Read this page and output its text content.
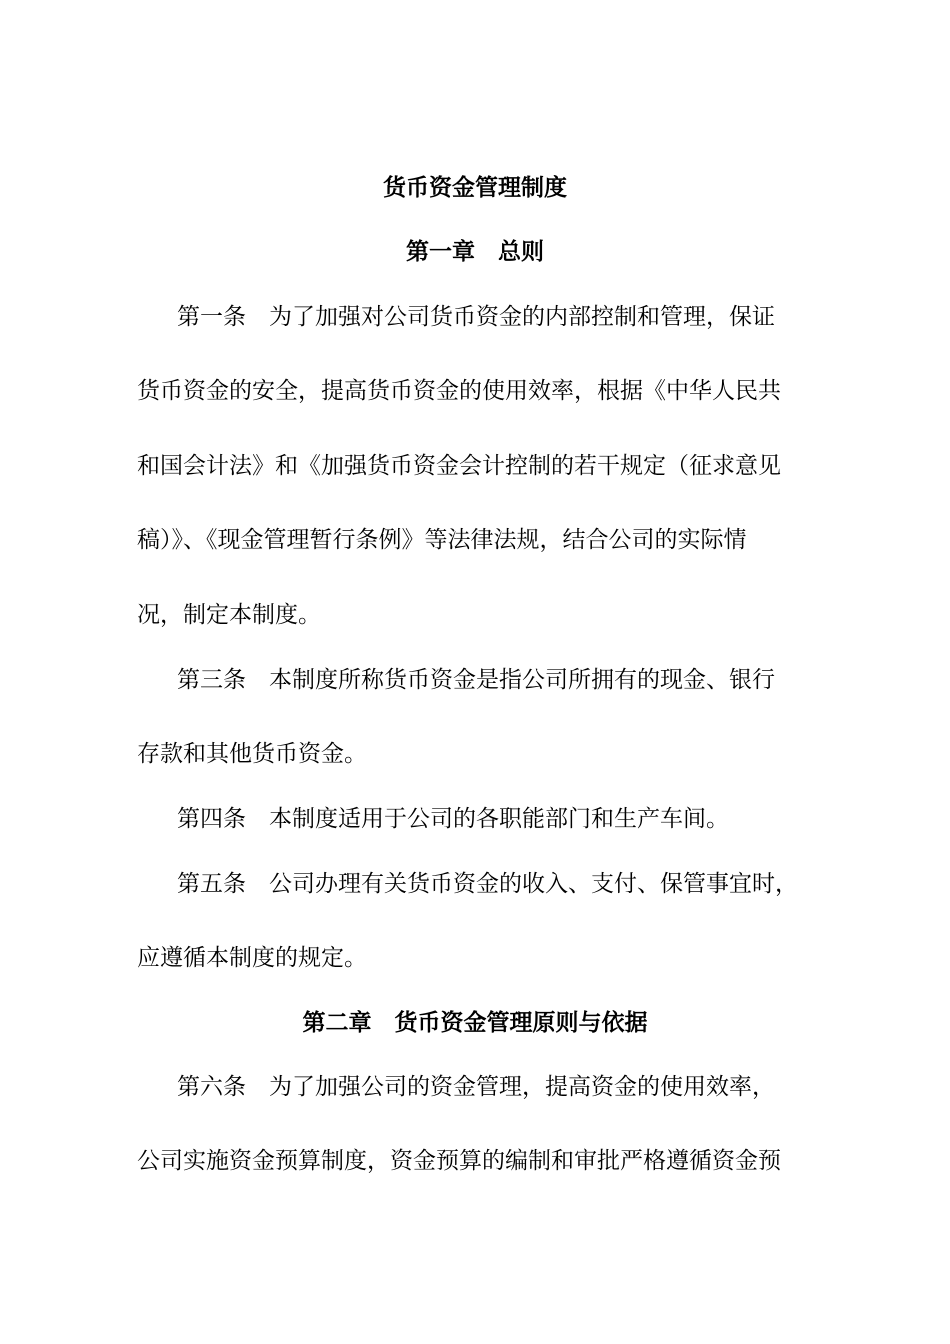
货币资金管理制度
第一章　总则
第一条　为了加强对公司货币资金的内部控制和管理，保证
货币资金的安全，提高货币资金的使用效率，根据《中华人民共
和国会计法》和《加强货币资金会计控制的若干规定（征求意见
稿）》、《现金管理暂行条例》等法律法规，结合公司的实际情
况，制定本制度。
第三条　本制度所称货币资金是指公司所拥有的现金、银行
存款和其他货币资金。
第四条　本制度适用于公司的各职能部门和生产车间。
第五条　公司办理有关货币资金的收入、支付、保管事宜时，
应遵循本制度的规定。
第二章　货币资金管理原则与依据
第六条　为了加强公司的资金管理，提高资金的使用效率，
公司实施资金预算制度，资金预算的编制和审批严格遵循资金预
